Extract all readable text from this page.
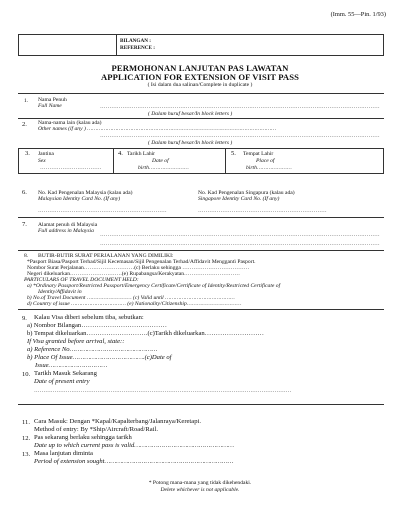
(Imm. 55—Pin. 1/93)
BILANGAN :
REFERENCE :
PERMOHONAN LANJUTAN PAS LAWATAN
APPLICATION FOR EXTENSION OF VISIT PASS
( Isi dalam dua salinan/Complete in duplicate )
1. Nama Penuh
Full Name	……………………………………………………………………………………………………………………………………
( Dalam huruf besar/In block letters )
2. Nama-nama lain (kalau ada)
Other names (if any ) ……………………………………………………………………………………………………
……………………………………………………………………………………………………………………………………
( Dalam huruf besar/In block letters )
3. Jantina
Sex
……………………………
4. Tarikh Lahir
Date of
birth……………………
5. Tempat Lahir
Place of
birth…………………
6. No. Kad Pengenalan Malaysia (kalau ada)
Malaysian Identity Card No. (If any)
……………………………………………………………
No. Kad Pengenalan Singapura (kalau ada)
Singapore Identity Card No. (If any)
……………………………………………………………
7. Alamat penuh di Malaysia
Full address in Malaysia
……………………………………………………………………………………………………………………………………
……………………………………………………………………………………………………………………………………
8. BUTIR-BUTIR SURAT PERJALANAN YANG DIMILIKI:
*Pasport Biasa/Pasport Terhad/Sijil Kecemasan/Sijil Pengenalan Terhad/Affidavit Menggantì Pasport.
Nombor Surat Perjalanan………………………(c) Berlaku sehingga ………………………………
Negeri dikeluarkan……………………….(e) Rupabangsa/Kerakyatan…………………………
PARTICULARS OF TRAVEL DOCUMENT HELD:
a) *Ordinary Passport/Restricted Passport/Emergency Certificate/Certificate of Identity/Restricted Certificate of
Identity/Affidavit in
b) No.of Travel Document ……………………… (c) Valid until ……………………………………
d) Country of issue …………………………… (e) Nationality/Citizenship……………………………
9. Kalau Visa diberi sebelum tiba, sebutkan:
a) Nombor Bilangan…………………………………
b) Tempat dikeluarkan……………………….(c)Tarikh dikeluarkan………………………
If Visa granted before arrival, state::
a) Reference No………………………………………
b) Place Of Issue……………………………….(c)Date of
Issue…………………………
10. Tarikh Masuk Sekarang
Date of present entry
…………………………………………………………………………………………………………………………
11. Cara Masuk: Dengan *Kapal/Kapalterbang/Jalanraya/Keretapi.
Method of entry: By *Ship/Aircraft/Road/Rail.
12. Pas sekarang berlaku sehingga tarikh
Date up to which current pass is valid……………………………………………
13. Masa lanjutan diminta
Period of extension sought…………………………………………………………
* Potong mana-mana yang tidak dikehendaki.
Delete whichever is not applicable.
